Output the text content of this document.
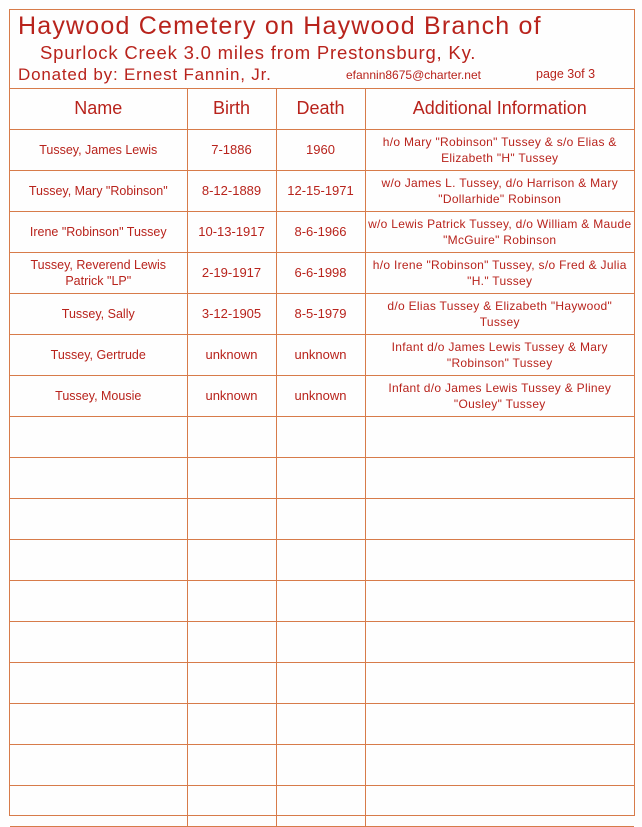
Haywood Cemetery on Haywood Branch of
Spurlock Creek 3.0 miles from Prestonsburg, Ky.
Donated by: Ernest Fannin, Jr.	efannin8675@charter.net	page 3of 3
Name	Birth	Death	Additional Information
Tussey, James Lewis	7-1886	1960	h/o Mary "Robinson" Tussey & s/o Elias & Elizabeth "H" Tussey
Tussey, Mary "Robinson"	8-12-1889	12-15-1971	w/o James L. Tussey, d/o Harrison & Mary "Dollarhide" Robinson
Irene "Robinson" Tussey	10-13-1917	8-6-1966	w/o Lewis Patrick Tussey, d/o William & Maude "McGuire" Robinson
Tussey, Reverend Lewis Patrick "LP"	2-19-1917	6-6-1998	h/o Irene "Robinson" Tussey, s/o Fred & Julia "H." Tussey
Tussey, Sally	3-12-1905	8-5-1979	d/o Elias Tussey & Elizabeth "Haywood" Tussey
Tussey, Gertrude	unknown	unknown	Infant d/o James Lewis Tussey & Mary "Robinson" Tussey
Tussey, Mousie	unknown	unknown	Infant d/o James Lewis Tussey & Pliney "Ousley" Tussey
